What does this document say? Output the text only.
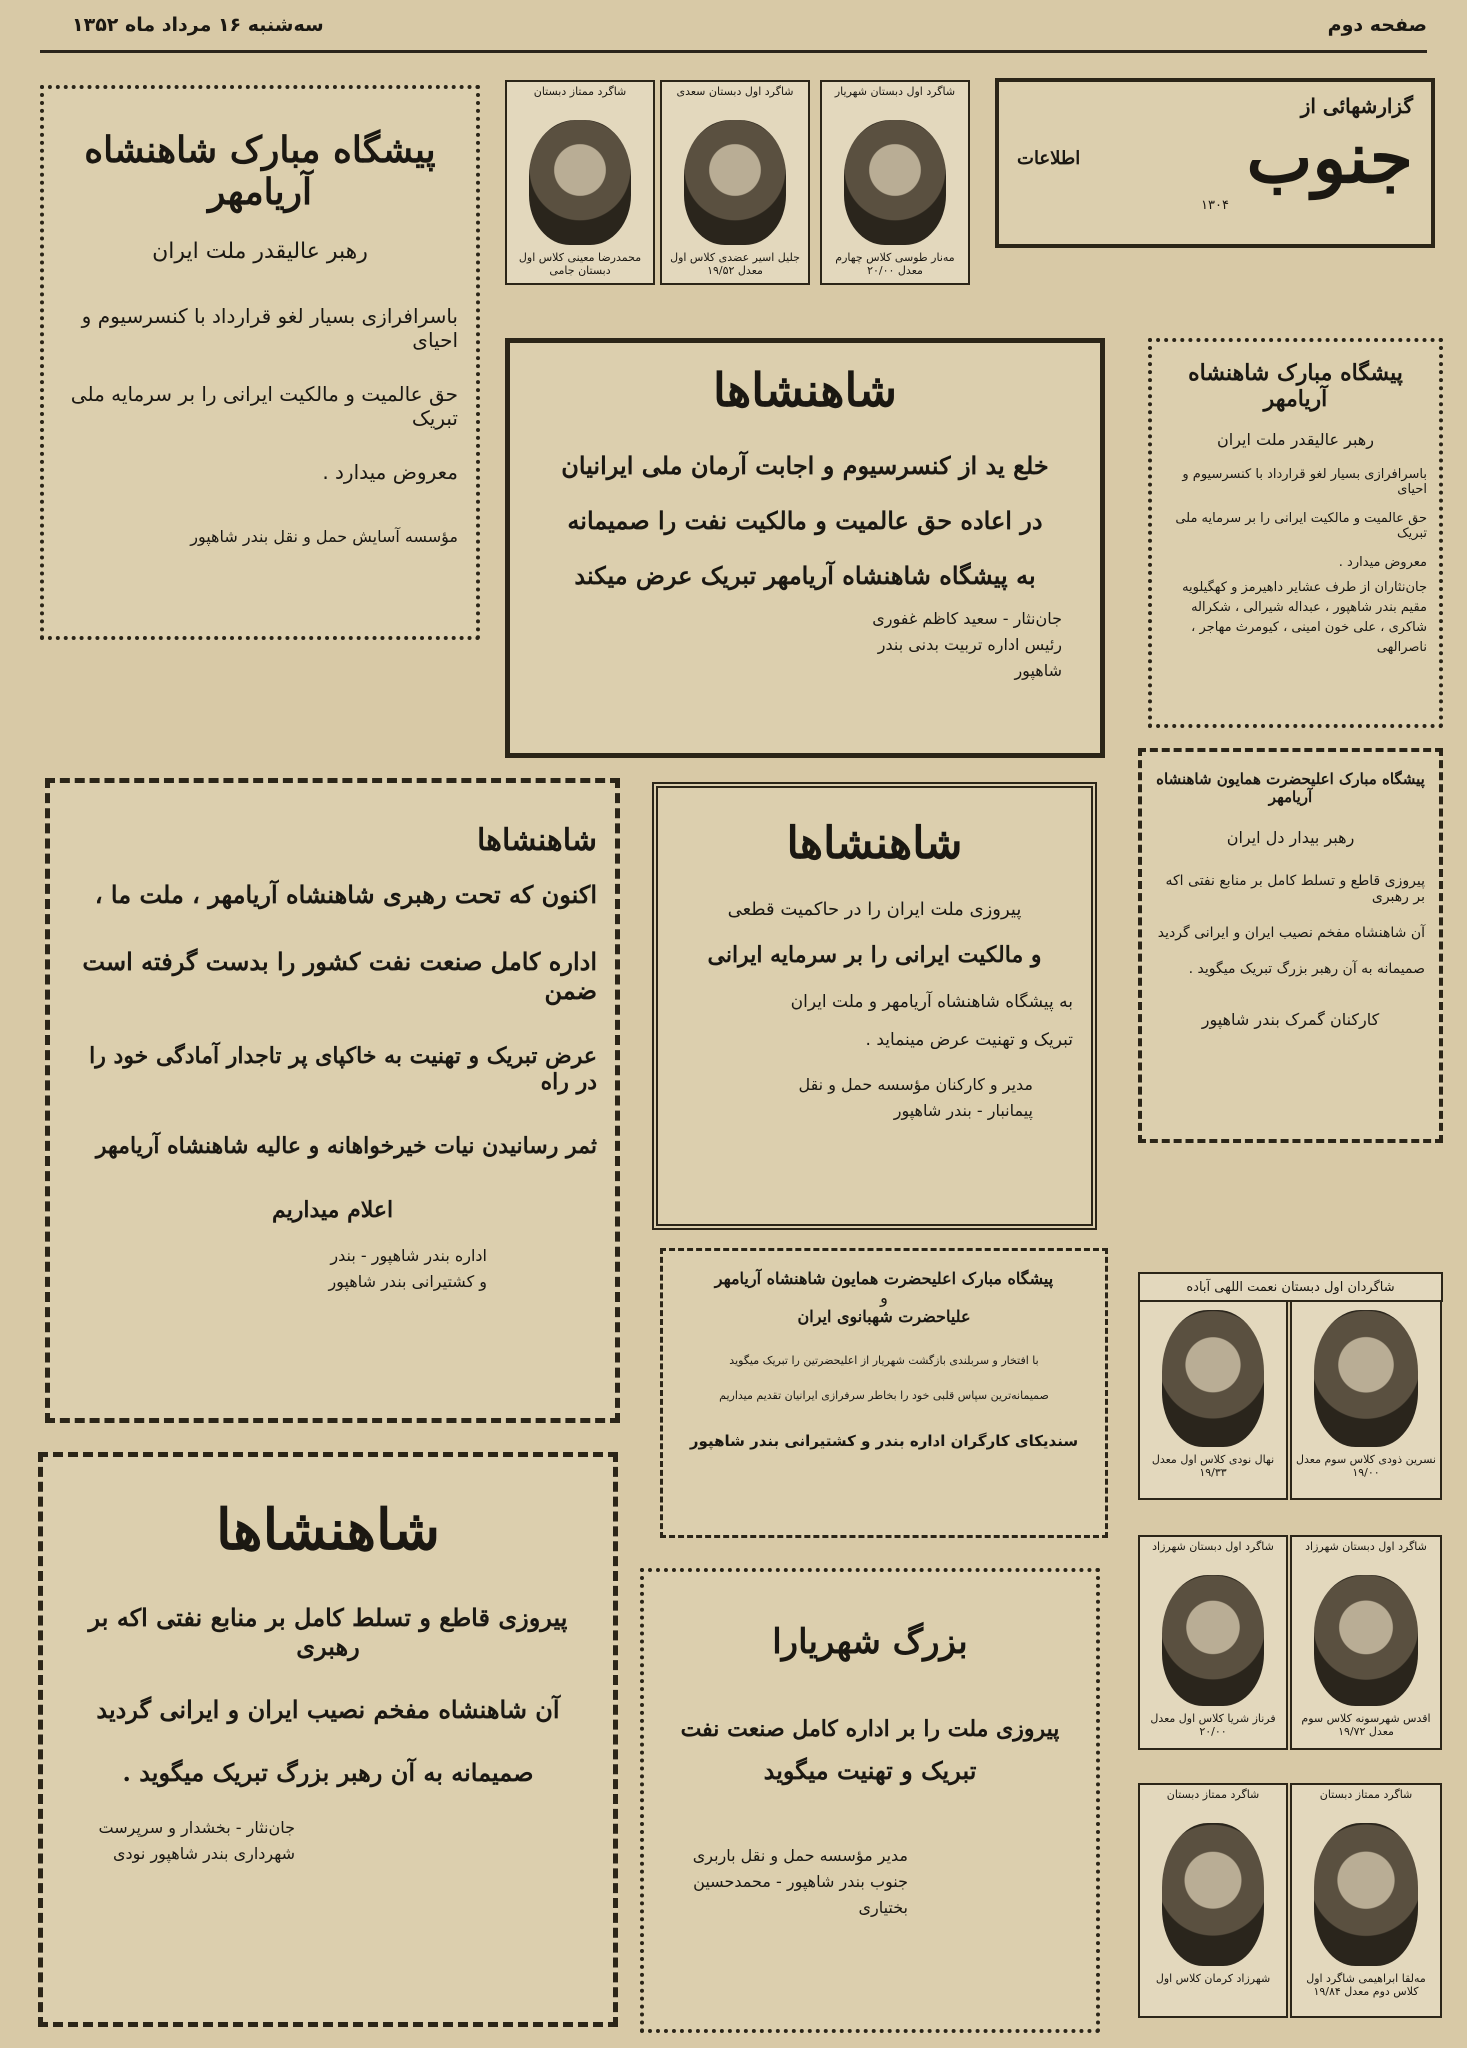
صفحه دوم
سه‌شنبه ۱۶ مرداد ماه ۱۳۵۲
گزارشهائی از
جنوب
اطلاعات
۱۳۰۴
شاگرد اول دبستان شهریار
مه‌نار طوسی کلاس چهارم معدل ۲۰/۰۰
شاگرد اول دبستان سعدی
جلیل اسیر عضدی کلاس اول معدل ۱۹/۵۲
شاگرد ممتاز دبستان
محمدرضا معینی کلاس اول دبستان جامی
پیشگاه مبارک شاهنشاه آریامهر
رهبر عالیقدر ملت ایران
باسرافرازی بسیار لغو قرارداد با کنسرسیوم و احیای
حق عالمیت و مالکیت ایرانی را بر سرمایه ملی تبریک
معروض میدارد .
مؤسسه آسایش حمل و نقل بندر شاهپور
شاهنشاها
خلع ید از کنسرسیوم و اجابت آرمان ملی ایرانیان
در اعاده حق عالمیت و مالکیت نفت را صمیمانه
به پیشگاه شاهنشاه آریامهر تبریک عرض میکند
جان‌نثار - سعید کاظم غفوری
رئیس اداره تربیت بدنی بندر
شاهپور
پیشگاه مبارک شاهنشاه آریامهر
رهبر عالیقدر ملت ایران
باسرافرازی بسیار لغو قرارداد با کنسرسیوم و احیای
حق عالمیت و مالکیت ایرانی را بر سرمایه ملی تبریک
معروض میدارد .
جان‌نثاران از طرف عشایر داهیرمز و کهگیلویه مقیم بندر شاهپور ، عبداله شیرالی ، شکراله شاکری ، علی خون امینی ، کیومرث مهاجر ، ناصرالهی
شاهنشاها
اکنون که تحت رهبری شاهنشاه آریامهر ، ملت ما ،
اداره کامل صنعت نفت کشور را بدست گرفته است ضمن
عرض تبریک و تهنیت به خاکپای پر تاجدار آمادگی خود را در راه
ثمر رسانیدن نیات خیرخواهانه و عالیه شاهنشاه آریامهر
اعلام میداریم
اداره بندر شاهپور - بندر
و کشتیرانی بندر شاهپور
شاهنشاها
پیروزی ملت ایران را در حاکمیت قطعی
و مالکیت ایرانی را بر سرمایه ایرانی
به پیشگاه شاهنشاه آریامهر و ملت ایران
تبریک و تهنیت عرض مینماید .
مدیر و کارکنان مؤسسه حمل و نقل
پیمانبار - بندر شاهپور
پیشگاه مبارک اعلیحضرت همایون شاهنشاه آریامهر
رهبر بیدار دل ایران
پیروزی قاطع و تسلط کامل بر منابع نفتی اکه بر رهبری
آن شاهنشاه مفخم نصیب ایران و ایرانی گردید
صمیمانه به آن رهبر بزرگ تبریک میگوید .
کارکنان گمرک بندر شاهپور
پیشگاه مبارک اعلیحضرت همایون شاهنشاه آریامهر
و
علیاحضرت شهبانوی ایران
با افتخار و سربلندی بازگشت شهریار از اعلیحضرتین را تبریک میگوید
صمیمانه‌ترین سپاس قلبی خود را بخاطر سرفرازی ایرانیان تقدیم میداریم
سندیکای کارگران اداره بندر و کشتیرانی بندر شاهپور
شاهنشاها
پیروزی قاطع و تسلط کامل بر منابع نفتی اکه بر رهبری
آن شاهنشاه مفخم نصیب ایران و ایرانی گردید
صمیمانه به آن رهبر بزرگ تبریک میگوید .
جان‌نثار - بخشدار و سرپرست
شهرداری بندر شاهپور نودی
بزرگ شهریارا
پیروزی ملت را بر اداره کامل صنعت نفت
تبریک و تهنیت میگوید
مدیر مؤسسه حمل و نقل باربری
جنوب بندر شاهپور - محمدحسین
بختیاری
شاگردان اول دبستان نعمت اللهی آباده
نسرین ذودی کلاس سوم معدل ۱۹/۰۰
نهال نودی کلاس اول معدل ۱۹/۳۳
شاگرد اول دبستان شهرزاد
اقدس شهرسونه کلاس سوم معدل ۱۹/۷۲
شاگرد اول دبستان شهرزاد
فرناز شریا کلاس اول معدل ۲۰/۰۰
شاگرد ممتاز دبستان
مه‌لقا ابراهیمی شاگرد اول کلاس دوم معدل ۱۹/۸۴
شاگرد ممتاز دبستان
شهرزاد کرمان کلاس اول
